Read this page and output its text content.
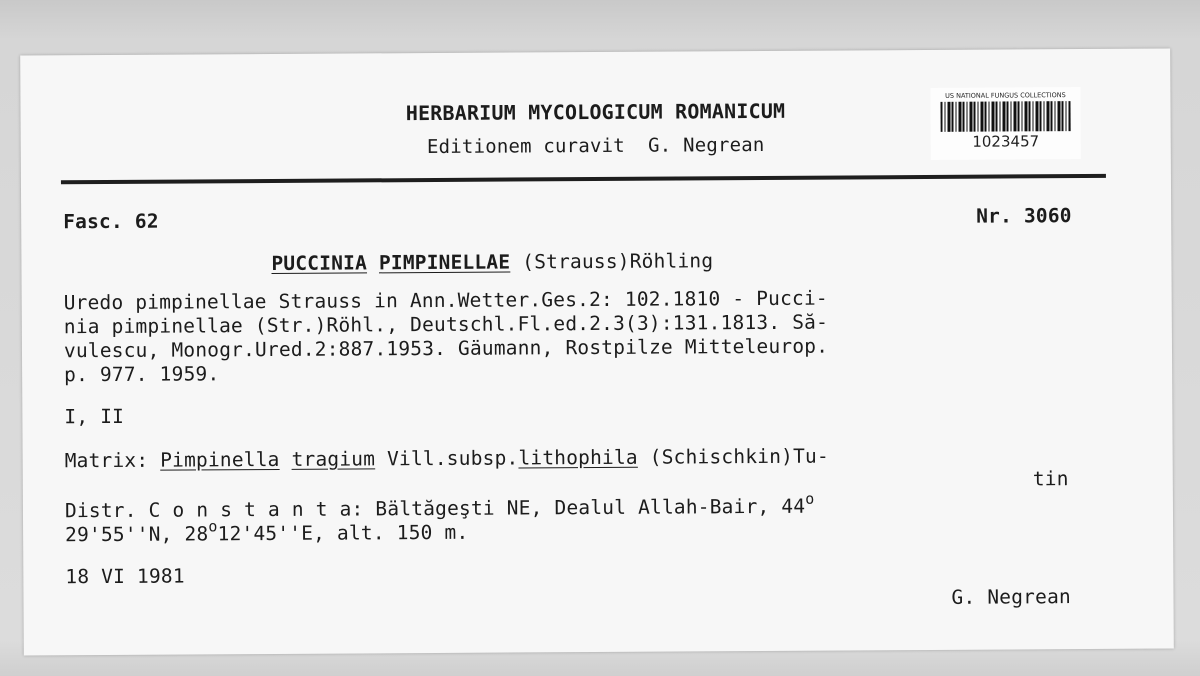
HERBARIUM MYCOLOGICUM ROMANICUM
Editionem curavit  G. Negrean
US NATIONAL FUNGUS COLLECTIONS
1023457
Fasc. 62	Nr. 3060
PUCCINIA PIMPINELLAE (Strauss)Röhling
Uredo pimpinellae Strauss in Ann.Wetter.Ges.2: 102.1810 - Pucci-
nia pimpinellae (Str.)Röhl., Deutschl.Fl.ed.2.3(3):131.1813. Să-
vulescu, Monogr.Ured.2:887.1953. Gäumann, Rostpilze Mitteleurop.
p. 977. 1959.
I, II
Matrix: Pimpinella tragium Vill.subsp.lithophila (Schischkin)Tu-
tin
Distr. C o n s t a n t a: Bältăgeşti NE, Dealul Allah-Bair, 44$^o$
29'55''N, 28$^o$12'45''E, alt. 150 m.
18 VI 1981
G. Negrean
